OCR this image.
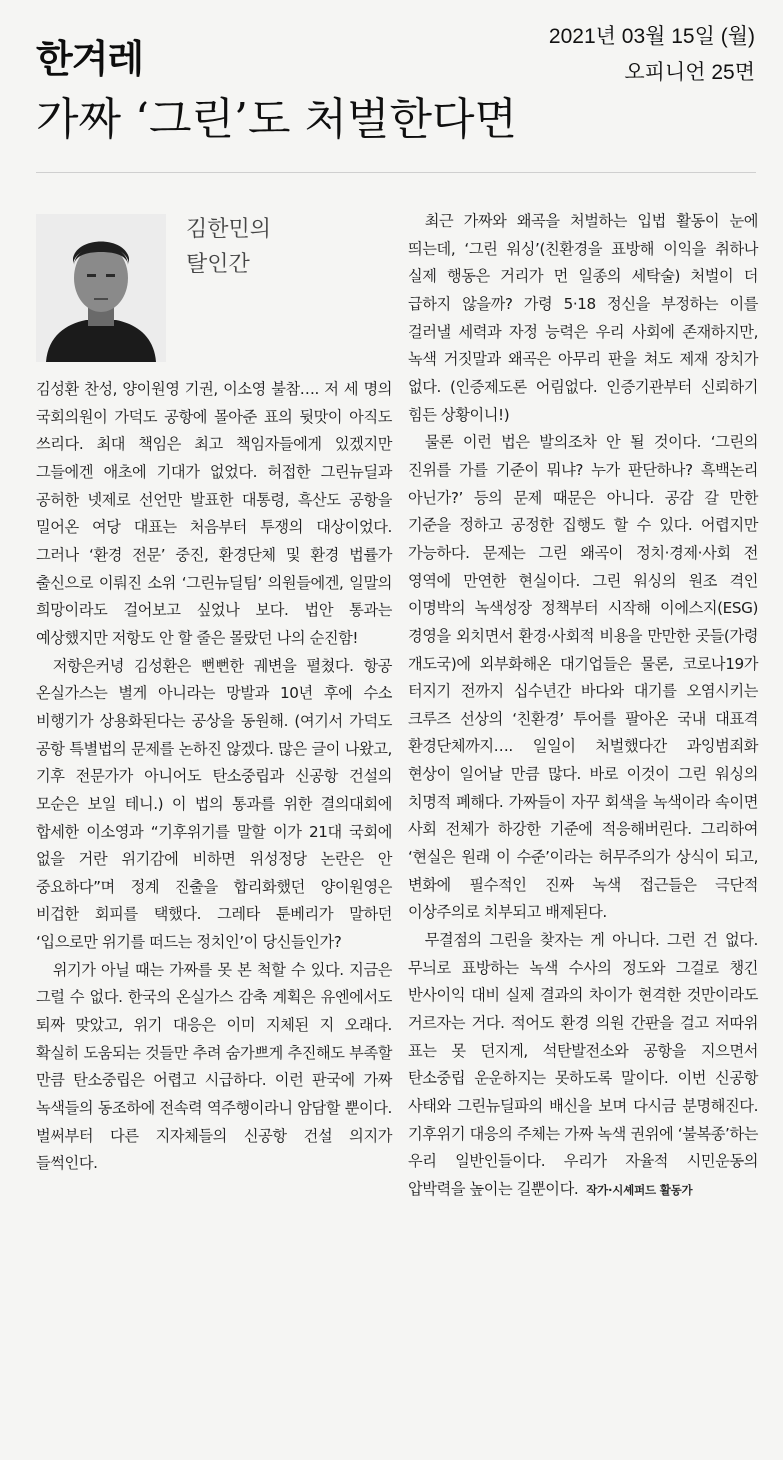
한겨레
2021년 03월 15일 (월)
오피니언 25면
가짜 ‘그린’도 처벌한다면
김한민의
탈인간

김성환 찬성, 양이원영 기권, 이소영 불참…. 저 세 명의 국회의원이 가덕도 공항에 몰아준 표의 뒷맛이 아직도 쓰리다. 최대 책임은 최고 책임자들에게 있겠지만 그들에겐 애초에 기대가 없었다. 허접한 그린뉴딜과 공허한 넷제로 선언만 발표한 대통령, 흑산도 공항을 밀어온 여당 대표는 처음부터 투쟁의 대상이었다. 그러나 ‘환경 전문’ 중진, 환경단체 및 환경 법률가 출신으로 이뤄진 소위 ‘그린뉴딜팀’ 의원들에겐, 일말의 희망이라도 걸어보고 싶었나 보다. 법안 통과는 예상했지만 저항도 안 할 줄은 몰랐던 나의 순진함!

저항은커녕 김성환은 뻔뻔한 궤변을 펼쳤다. 항공 온실가스는 별게 아니라는 망발과 10년 후에 수소 비행기가 상용화된다는 공상을 동원해. (여기서 가덕도 공항 특별법의 문제를 논하진 않겠다. 많은 글이 나왔고, 기후 전문가가 아니어도 탄소중립과 신공항 건설의 모순은 보일 테니.) 이 법의 통과를 위한 결의대회에 합세한 이소영과 “기후위기를 말할 이가 21대 국회에 없을 거란 위기감에 비하면 위성정당 논란은 안 중요하다”며 정계 진출을 합리화했던 양이원영은 비겁한 회피를 택했다. 그레타 툰베리가 말하던 ‘입으로만 위기를 떠드는 정치인’이 당신들인가?

위기가 아닐 때는 가짜를 못 본 척할 수 있다. 지금은 그럴 수 없다. 한국의 온실가스 감축 계획은 유엔에서도 퇴짜 맞았고, 위기 대응은 이미 지체된 지 오래다. 확실히 도움되는 것들만 추려 숨가쁘게 추진해도 부족할 만큼 탄소중립은 어렵고 시급하다. 이런 판국에 가짜 녹색들의 동조하에 전속력 역주행이라니 암담할 뿐이다. 벌써부터 다른 지자체들의 신공항 건설 의지가 들썩인다.

최근 가짜와 왜곡을 처벌하는 입법 활동이 눈에 띄는데, ‘그린 워싱’(친환경을 표방해 이익을 취하나 실제 행동은 거리가 먼 일종의 세탁술) 처벌이 더 급하지 않을까? 가령 5·18 정신을 부정하는 이를 걸러낼 세력과 자정 능력은 우리 사회에 존재하지만, 녹색 거짓말과 왜곡은 아무리 판을 쳐도 제재 장치가 없다. (인증제도론 어림없다. 인증기관부터 신뢰하기 힘든 상황이니!)

물론 이런 법은 발의조차 안 될 것이다. ‘그린의 진위를 가를 기준이 뭐냐? 누가 판단하나? 흑백논리 아닌가?’ 등의 문제 때문은 아니다. 공감 갈 만한 기준을 정하고 공정한 집행도 할 수 있다. 어렵지만 가능하다. 문제는 그린 왜곡이 정치·경제·사회 전 영역에 만연한 현실이다. 그린 워싱의 원조 격인 이명박의 녹색성장 정책부터 시작해 이에스지(ESG) 경영을 외치면서 환경·사회적 비용을 만만한 곳들(가령 개도국)에 외부화해온 대기업들은 물론, 코로나19가 터지기 전까지 십수년간 바다와 대기를 오염시키는 크루즈 선상의 ‘친환경’ 투어를 팔아온 국내 대표격 환경단체까지…. 일일이 처벌했다간 과잉범죄화 현상이 일어날 만큼 많다. 바로 이것이 그린 워싱의 치명적 폐해다. 가짜들이 자꾸 회색을 녹색이라 속이면 사회 전체가 하강한 기준에 적응해버린다. 그리하여 ‘현실은 원래 이 수준’이라는 허무주의가 상식이 되고, 변화에 필수적인 진짜 녹색 접근들은 극단적 이상주의로 치부되고 배제된다.

무결점의 그린을 찾자는 게 아니다. 그런 건 없다. 무늬로 표방하는 녹색 수사의 정도와 그걸로 챙긴 반사이익 대비 실제 결과의 차이가 현격한 것만이라도 거르자는 거다. 적어도 환경 의원 간판을 걸고 저따위 표는 못 던지게, 석탄발전소와 공항을 지으면서 탄소중립 운운하지는 못하도록 말이다. 이번 신공항 사태와 그린뉴딜파의 배신을 보며 다시금 분명해진다. 기후위기 대응의 주체는 가짜 녹색 권위에 ‘불복종’하는 우리 일반인들이다. 우리가 자율적 시민운동의 압박력을 높이는 길뿐이다. 작가·시셰퍼드 활동가
